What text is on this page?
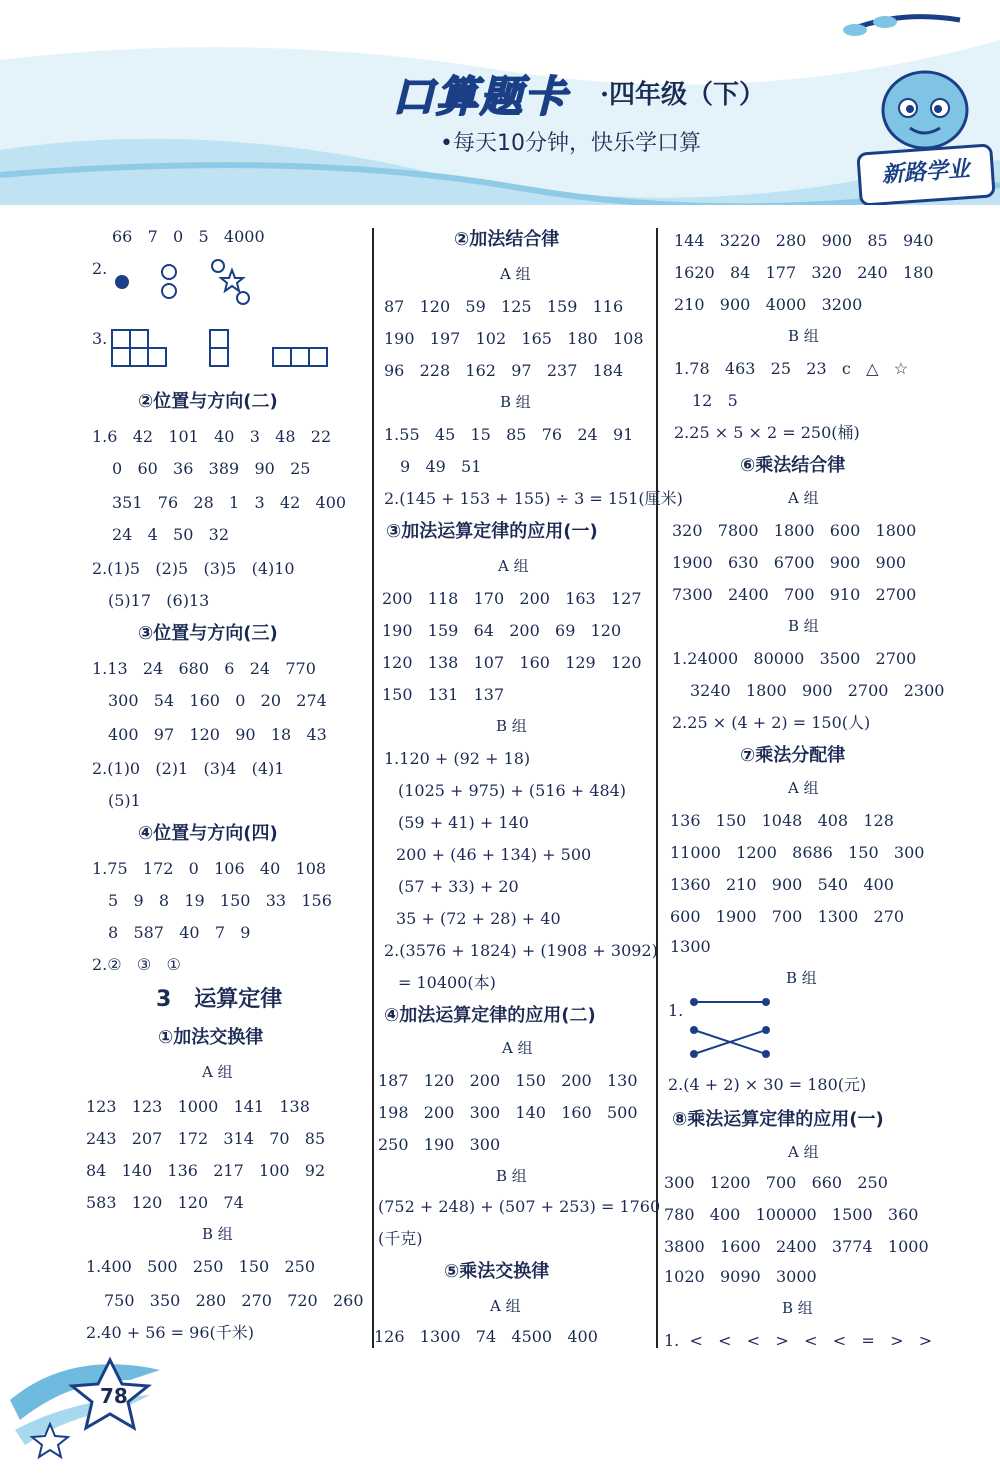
口算题卡 ·四年级（下）
•每天10分钟，快乐学口算
新路学业
66   7   0   5   4000
2.
3.
②位置与方向(二)
1.6   42   101   40   3   48   22
0   60   36   389   90   25
351   76   28   1   3   42   400
24   4   50   32
2.(1)5   (2)5   (3)5   (4)10
(5)17   (6)13
③位置与方向(三)
1.13   24   680   6   24   770
300   54   160   0   20   274
400   97   120   90   18   43
2.(1)0   (2)1   (3)4   (4)1
(5)1
④位置与方向(四)
1.75   172   0   106   40   108
5   9   8   19   150   33   156
8   587   40   7   9
2.②   ③   ①
3   运算定律
①加法交换律
A 组
123   123   1000   141   138
243   207   172   314   70   85
84   140   136   217   100   92
583   120   120   74
B 组
1.400   500   250   150   250
750   350   280   270   720   260
2.40 + 56 = 96(千米)
②加法结合律
A 组
87   120   59   125   159   116
190   197   102   165   180   108
96   228   162   97   237   184
B 组
1.55   45   15   85   76   24   91
9   49   51
2.(145 + 153 + 155) ÷ 3 = 151(厘米)
③加法运算定律的应用(一)
A 组
200   118   170   200   163   127
190   159   64   200   69   120
120   138   107   160   129   120
150   131   137
B 组
1.120 + (92 + 18)
(1025 + 975) + (516 + 484)
(59 + 41) + 140
200 + (46 + 134) + 500
(57 + 33) + 20
35 + (72 + 28) + 40
2.(3576 + 1824) + (1908 + 3092)
= 10400(本)
④加法运算定律的应用(二)
A 组
187   120   200   150   200   130
198   200   300   140   160   500
250   190   300
B 组
(752 + 248) + (507 + 253) = 1760
(千克)
⑤乘法交换律
A 组
126   1300   74   4500   400
144   3220   280   900   85   940
1620   84   177   320   240   180
210   900   4000   3200
B 组
1.78   463   25   23   c   △   ☆
12   5
2.25 × 5 × 2 = 250(桶)
⑥乘法结合律
A 组
320   7800   1800   600   1800
1900   630   6700   900   900
7300   2400   700   910   2700
B 组
1.24000   80000   3500   2700
3240   1800   900   2700   2300
2.25 × (4 + 2) = 150(人)
⑦乘法分配律
A 组
136   150   1048   408   128
11000   1200   8686   150   300
1360   210   900   540   400
600   1900   700   1300   270
1300
B 组
1.
2.(4 + 2) × 30 = 180(元)
⑧乘法运算定律的应用(一)
A 组
300   1200   700   660   250
780   400   100000   1500   360
3800   1600   2400   3774   1000
1020   9090   3000
B 组
1.  <   <   <   >   <   <   =   >   >
78
